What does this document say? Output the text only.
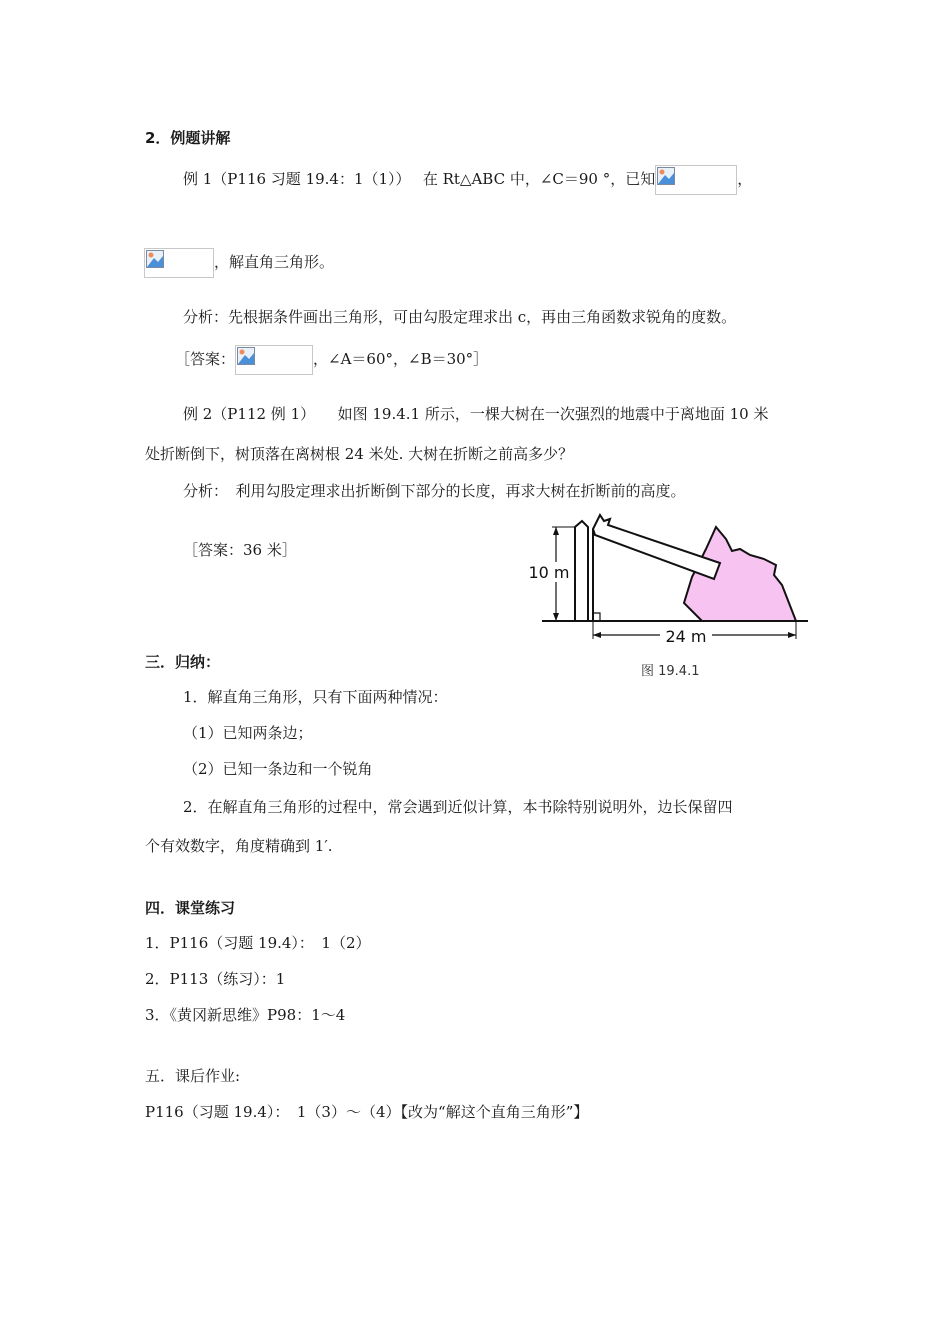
2．例题讲解
例 1（P116 习题 19.4：1（1））　 在 Rt△ABC 中，∠C＝90 °，已知	，
，解直角三角形。
分析：先根据条件画出三角形，可由勾股定理求出 c，再由三角函数求锐角的度数。
［答案：	，∠A＝60°，∠B＝30°］
例 2（P112 例 1）　　如图 19.4.1 所示，一棵大树在一次强烈的地震中于离地面 10 米
处折断倒下，树顶落在离树根 24 米处. 大树在折断之前高多少？
分析：　利用勾股定理求出折断倒下部分的长度，再求大树在折断前的高度。
［答案：36 米］
10 m
24 m
图 19.4.1
三．归纳：
1．解直角三角形，只有下面两种情况：
（1）已知两条边；
（2）已知一条边和一个锐角
2．在解直角三角形的过程中，常会遇到近似计算，本书除特别说明外，边长保留四
个有效数字，角度精确到 1′.
四．课堂练习
1．P116（习题 19.4）：　1（2）
2．P113（练习）：1
3．《黄冈新思维》P98：1～4
五．课后作业:
P116（习题 19.4）：　1（3）～（4）【改为“解这个直角三角形”】
